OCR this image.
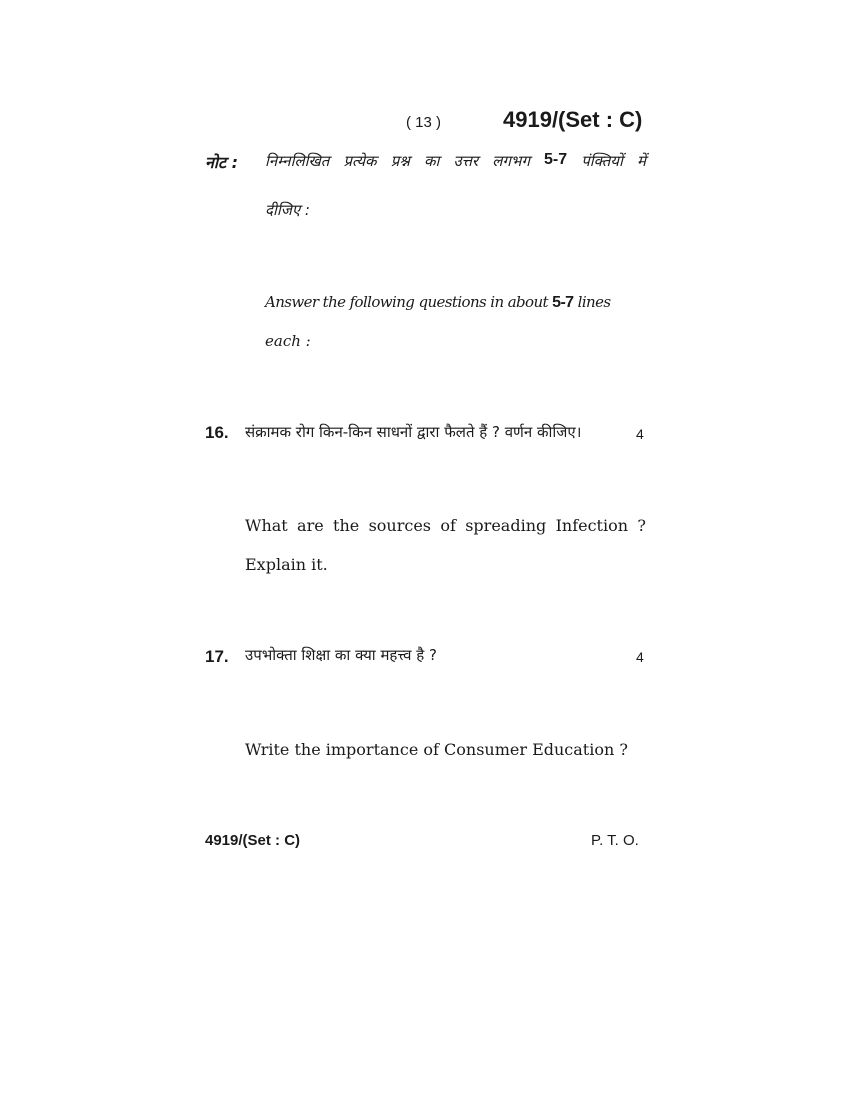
( 13 )	4919/(Set : C)
नोट : निम्नलिखित प्रत्येक प्रश्न का उत्तर लगभग 5-7 पंक्तियों में
दीजिए :
Answer the following questions in about 5-7 lines
each :
16. संक्रामक रोग किन-किन साधनों द्वारा फैलते हैं ? वर्णन कीजिए।	4
What are the sources of spreading Infection ?
Explain it.
17. उपभोक्ता शिक्षा का क्या महत्त्व है ?	4
Write the importance of Consumer Education ?
4919/(Set : C)	P. T. O.
